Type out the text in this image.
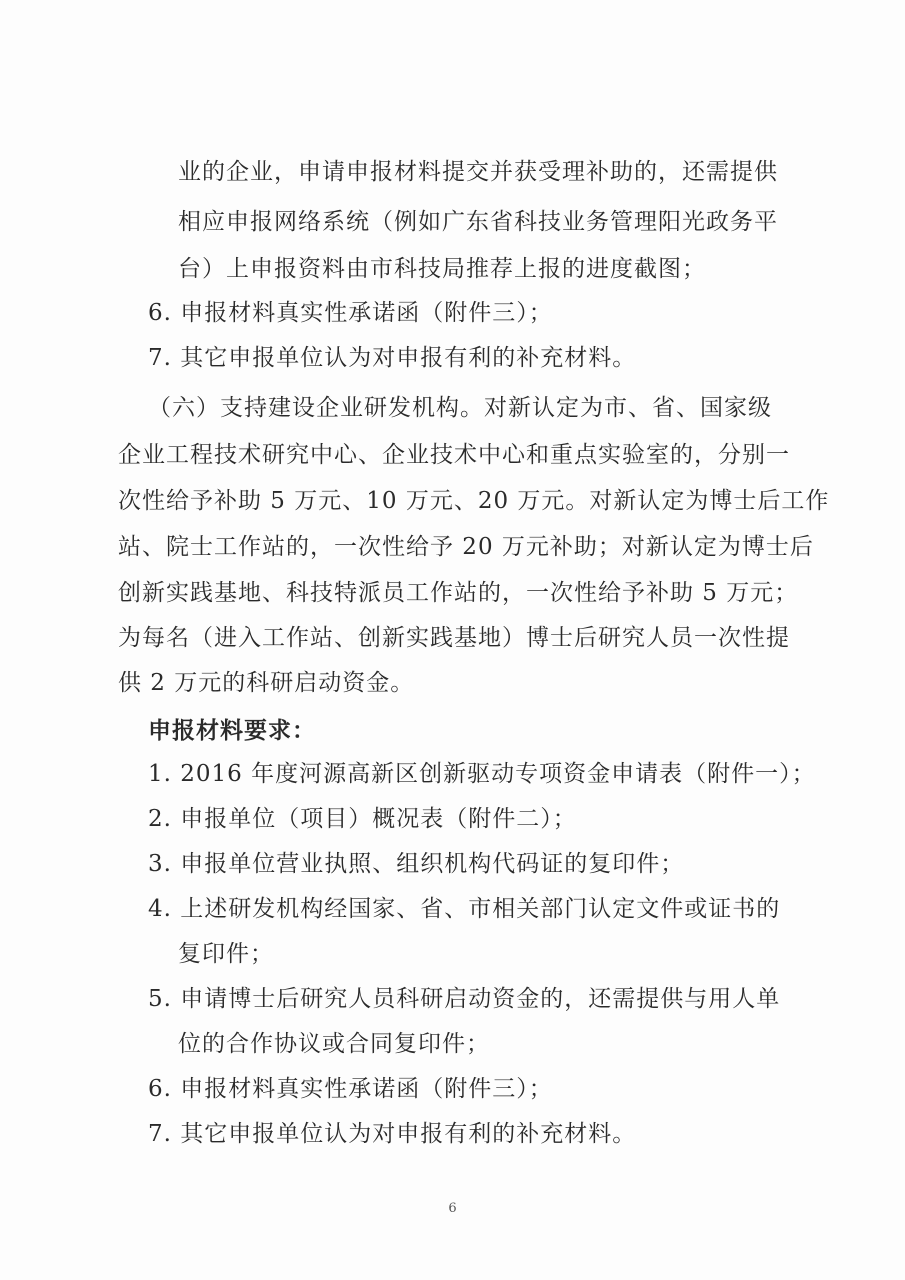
业的企业，申请申报材料提交并获受理补助的，还需提供
相应申报网络系统（例如广东省科技业务管理阳光政务平
台）上申报资料由市科技局推荐上报的进度截图；
6. 申报材料真实性承诺函（附件三）；
7. 其它申报单位认为对申报有利的补充材料。
（六）支持建设企业研发机构。对新认定为市、省、国家级
企业工程技术研究中心、企业技术中心和重点实验室的，分别一
次性给予补助 5 万元、10 万元、20 万元。对新认定为博士后工作
站、院士工作站的，一次性给予 20 万元补助；对新认定为博士后
创新实践基地、科技特派员工作站的，一次性给予补助 5 万元；
为每名（进入工作站、创新实践基地）博士后研究人员一次性提
供 2 万元的科研启动资金。
申报材料要求：
1. 2016 年度河源高新区创新驱动专项资金申请表（附件一）；
2. 申报单位（项目）概况表（附件二）；
3. 申报单位营业执照、组织机构代码证的复印件；
4. 上述研发机构经国家、省、市相关部门认定文件或证书的
复印件；
5. 申请博士后研究人员科研启动资金的，还需提供与用人单
位的合作协议或合同复印件；
6. 申报材料真实性承诺函（附件三）；
7. 其它申报单位认为对申报有利的补充材料。
6
